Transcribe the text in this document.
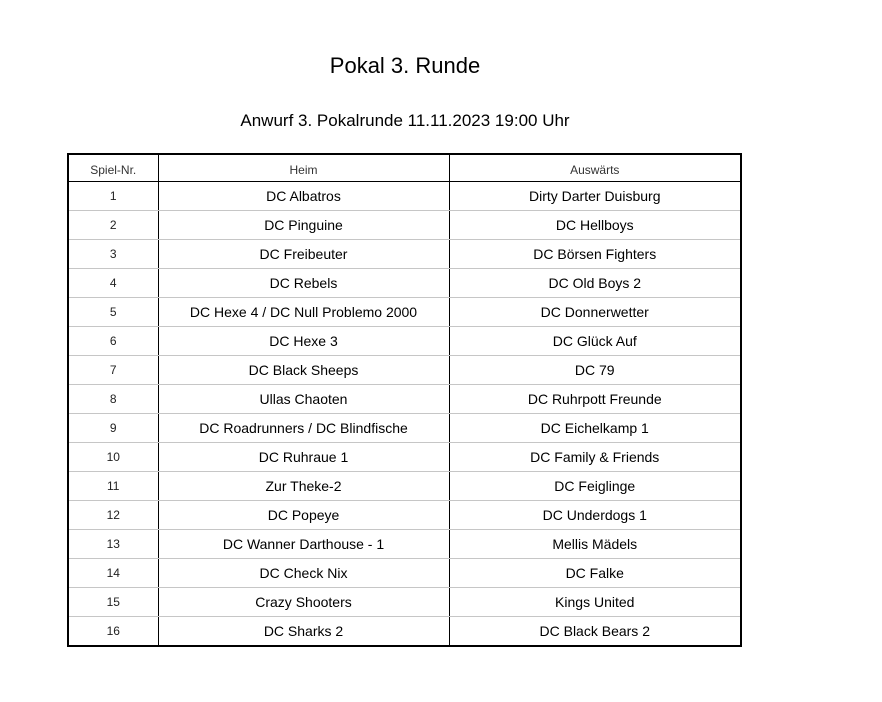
Pokal 3. Runde
Anwurf 3. Pokalrunde 11.11.2023 19:00 Uhr
Spiel-Nr.	Heim	Auswärts
1	DC Albatros	Dirty Darter Duisburg
2	DC Pinguine	DC Hellboys
3	DC Freibeuter	DC Börsen Fighters
4	DC Rebels	DC Old Boys 2
5	DC Hexe 4 / DC Null Problemo 2000	DC Donnerwetter
6	DC Hexe 3	DC Glück Auf
7	DC Black Sheeps	DC 79
8	Ullas Chaoten	DC Ruhrpott Freunde
9	DC Roadrunners / DC Blindfische	DC Eichelkamp 1
10	DC Ruhraue 1	DC Family & Friends
11	Zur Theke-2	DC Feiglinge
12	DC Popeye	DC Underdogs 1
13	DC Wanner Darthouse - 1	Mellis Mädels
14	DC Check Nix	DC Falke
15	Crazy Shooters	Kings United
16	DC Sharks 2	DC Black Bears 2
